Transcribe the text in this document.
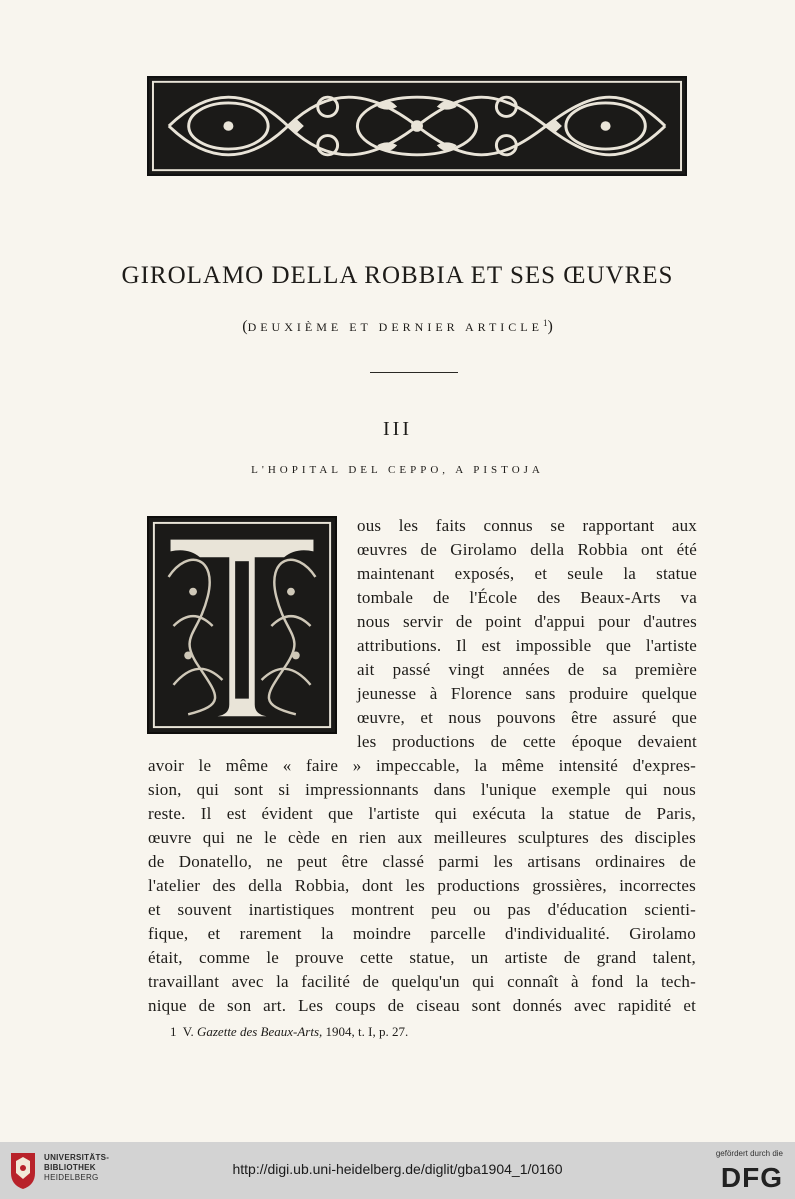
GIROLAMO DELLA ROBBIA ET SES ŒUVRES
(DEUXIÈME ET DERNIER ARTICLE$^1$)
III
L'HOPITAL DEL CEPPO, A PISTOJA
ous les faits connus se rapportant aux
œuvres de Girolamo della Robbia ont été
maintenant exposés, et seule la statue
tombale de l'École des Beaux-Arts va
nous servir de point d'appui pour d'autres
attributions. Il est impossible que l'artiste
ait passé vingt années de sa première
jeunesse à Florence sans produire quelque
œuvre, et nous pouvons être assuré que
les productions de cette époque devaient
avoir le même « faire » impeccable, la même intensité d'expres-
sion, qui sont si impressionnants dans l'unique exemple qui nous
reste. Il est évident que l'artiste qui exécuta la statue de Paris,
œuvre qui ne le cède en rien aux meilleures sculptures des disciples
de Donatello, ne peut être classé parmi les artisans ordinaires de
l'atelier des della Robbia, dont les productions grossières, incorrectes
et souvent inartistiques montrent peu ou pas d'éducation scienti-
fique, et rarement la moindre parcelle d'individualité. Girolamo
était, comme le prouve cette statue, un artiste de grand talent,
travaillant avec la facilité de quelqu'un qui connaît à fond la tech-
nique de son art. Les coups de ciseau sont donnés avec rapidité et
1 V. Gazette des Beaux-Arts, 1904, t. I, p. 27.
UNIVERSITÄTS-
BIBLIOTHEK
HEIDELBERG
http://digi.ub.uni-heidelberg.de/diglit/gba1904_1/0160
gefördert durch die
DFG
